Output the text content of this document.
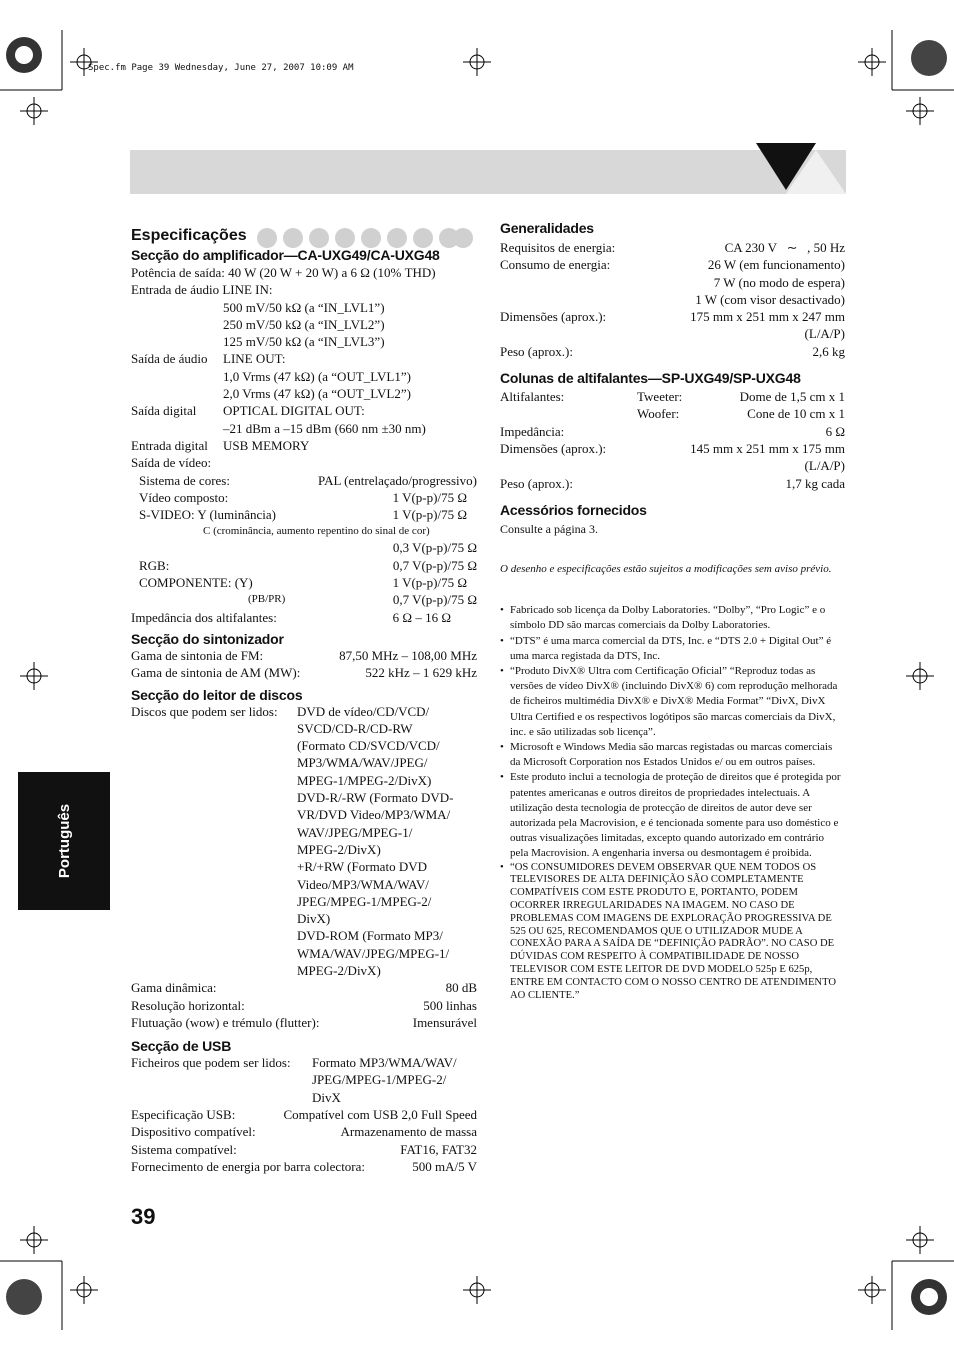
Spec.fm Page 39 Wednesday, June 27, 2007 10:09 AM
Português
39
Especificações
Secção do amplificador—CA-UXG49/CA-UXG48
Potência de saída: 40 W (20 W + 20 W) a 6 Ω (10% THD)
Entrada de áudio LINE IN:
500 mV/50 kΩ (a “IN_LVL1”)
250 mV/50 kΩ (a “IN_LVL2”)
125 mV/50 kΩ (a “IN_LVL3”)
Saída de áudio LINE OUT:
1,0 Vrms (47 kΩ) (a “OUT_LVL1”)
2,0 Vrms (47 kΩ) (a “OUT_LVL2”)
Saída digital OPTICAL DIGITAL OUT:
–21 dBm a –15 dBm (660 nm ±30 nm)
Entrada digital USB MEMORY
Saída de vídeo:
Sistema de cores:	PAL (entrelaçado/progressivo)
Vídeo composto:	1 V(p-p)/75 Ω
S-VIDEO: Y (luminância)	1 V(p-p)/75 Ω
C (crominância, aumento repentino do sinal de cor)
0,3 V(p-p)/75 Ω
RGB:	0,7 V(p-p)/75 Ω
COMPONENTE: (Y)	1 V(p-p)/75 Ω
(PB/PR)	0,7 V(p-p)/75 Ω
Impedância dos altifalantes:	6 Ω – 16 Ω
Secção do sintonizador
Gama de sintonia de FM:	87,50 MHz – 108,00 MHz
Gama de sintonia de AM (MW):	522 kHz – 1 629 kHz
Secção do leitor de discos
Discos que podem ser lidos:	DVD de vídeo/CD/VCD/
SVCD/CD-R/CD-RW
(Formato CD/SVCD/VCD/
MP3/WMA/WAV/JPEG/
MPEG-1/MPEG-2/DivX)
DVD-R/-RW (Formato DVD-
VR/DVD Video/MP3/WMA/
WAV/JPEG/MPEG-1/
MPEG-2/DivX)
+R/+RW (Formato DVD
Video/MP3/WMA/WAV/
JPEG/MPEG-1/MPEG-2/
DivX)
DVD-ROM (Formato MP3/
WMA/WAV/JPEG/MPEG-1/
MPEG-2/DivX)
Gama dinâmica:	80 dB
Resolução horizontal:	500 linhas
Flutuação (wow) e trémulo (flutter):	Imensurável
Secção de USB
Ficheiros que podem ser lidos:	Formato MP3/WMA/WAV/
JPEG/MPEG-1/MPEG-2/
DivX
Especificação USB:	Compatível com USB 2,0 Full Speed
Dispositivo compatível:	Armazenamento de massa
Sistema compatível:	FAT16, FAT32
Fornecimento de energia por barra colectora:	500 mA/5 V
Generalidades
Requisitos de energia:	CA 230 V ∼ , 50 Hz
Consumo de energia:	26 W (em funcionamento)
7 W (no modo de espera)
1 W (com visor desactivado)
Dimensões (aprox.):	175 mm x 251 mm x 247 mm
(L/A/P)
Peso (aprox.):	2,6 kg
Colunas de altifalantes—SP-UXG49/SP-UXG48
Altifalantes:	Tweeter:	Dome de 1,5 cm x 1
Woofer:	Cone de 10 cm x 1
Impedância:	6 Ω
Dimensões (aprox.):	145 mm x 251 mm x 175 mm
(L/A/P)
Peso (aprox.):	1,7 kg cada
Acessórios fornecidos
Consulte a página 3.
O desenho e especificações estão sujeitos a modificações sem aviso prévio.
• Fabricado sob licença da Dolby Laboratories. “Dolby”, “Pro Logic” e o símbolo DD são marcas comerciais da Dolby Laboratories.
• “DTS” é uma marca comercial da DTS, Inc. e “DTS 2.0 + Digital Out” é uma marca registada da DTS, Inc.
• “Produto DivX® Ultra com Certificação Oficial” “Reproduz todas as versões de vídeo DivX® (incluindo DivX® 6) com reprodução melhorada de ficheiros multimédia DivX® e DivX® Media Format” “DivX, DivX Ultra Certified e os respectivos logótipos são marcas comerciais da DivX, inc. e são utilizadas sob licença”.
• Microsoft e Windows Media são marcas registadas ou marcas comerciais da Microsoft Corporation nos Estados Unidos e/ ou em outros países.
• Este produto inclui a tecnologia de proteção de direitos que é protegida por patentes americanas e outros direitos de propriedades intelectuais. A utilização desta tecnologia de protecção de direitos de autor deve ser autorizada pela Macrovision, e é tencionada somente para uso doméstico e outras visualizações limitadas, excepto quando autorizado em contrário pela Macrovision. A engenharia inversa ou desmontagem é proibida.
• “OS CONSUMIDORES DEVEM OBSERVAR QUE NEM TODOS OS TELEVISORES DE ALTA DEFINIÇÃO SÃO COMPLETAMENTE COMPATÍVEIS COM ESTE PRODUTO E, PORTANTO, PODEM OCORRER IRREGULARIDADES NA IMAGEM. NO CASO DE PROBLEMAS COM IMAGENS DE EXPLORAÇÃO PROGRESSIVA DE 525 OU 625, RECOMENDAMOS QUE O UTILIZADOR MUDE A CONEXÃO PARA A SAÍDA DE “DEFINIÇÃO PADRÃO”. NO CASO DE DÚVIDAS COM RESPEITO À COMPATIBILIDADE DE NOSSO TELEVISOR COM ESTE LEITOR DE DVD MODELO 525p E 625p, ENTRE EM CONTACTO COM O NOSSO CENTRO DE ATENDIMENTO AO CLIENTE.”
